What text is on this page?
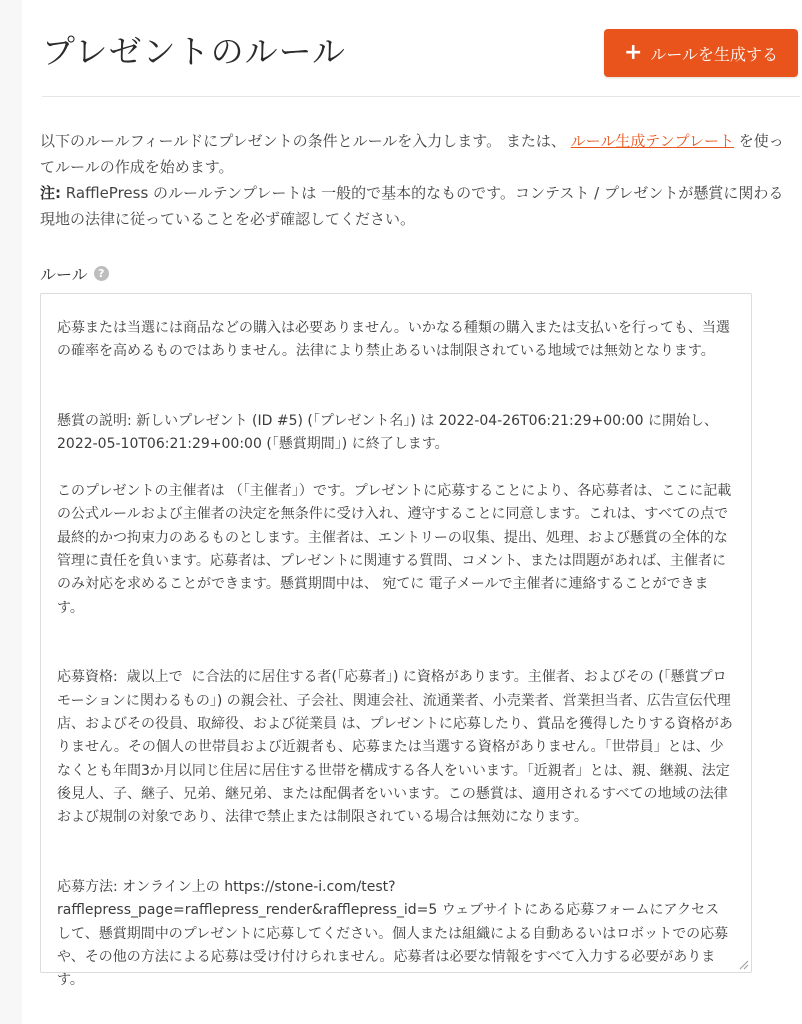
プレゼントのルール	+ ルールを生成する

以下のルールフィールドにプレゼントの条件とルールを入力します。 または、 ルール生成テンプレート を使ってルールの作成を始めます。
注: RafflePress のルールテンプレートは 一般的で基本的なものです。コンテスト / プレゼントが懸賞に関わる現地の法律に従っていることを必ず確認してください。

ルール ?

応募または当選には商品などの購入は必要ありません。いかなる種類の購入または支払いを行っても、当選の確率を高めるものではありません。法律により禁止あるいは制限されている地域では無効となります。

懸賞の説明: 新しいプレゼント (ID #5) (「プレゼント名」) は 2022-04-26T06:21:29+00:00 に開始し、2022-05-10T06:21:29+00:00 (「懸賞期間」) に終了します。

このプレゼントの主催者は （「主催者」）です。プレゼントに応募することにより、各応募者は、ここに記載の公式ルールおよび主催者の決定を無条件に受け入れ、遵守することに同意します。これは、すべての点で最終的かつ拘束力のあるものとします。主催者は、エントリーの収集、提出、処理、および懸賞の全体的な管理に責任を負います。応募者は、プレゼントに関連する質問、コメント、または問題があれば、主催者にのみ対応を求めることができます。懸賞期間中は、 宛てに 電子メールで主催者に連絡することができます。

応募資格:  歳以上で  に合法的に居住する者(「応募者」) に資格があります。主催者、およびその (「懸賞プロモーションに関わるもの」) の親会社、子会社、関連会社、流通業者、小売業者、営業担当者、広告宣伝代理店、およびその役員、取締役、および従業員 は、プレゼントに応募したり、賞品を獲得したりする資格がありません。その個人の世帯員および近親者も、応募または当選する資格がありません。「世帯員」とは、少なくとも年間3か月以同じ住居に居住する世帯を構成する各人をいいます。「近親者」とは、親、継親、法定後見人、子、継子、兄弟、継兄弟、または配偶者をいいます。この懸賞は、適用されるすべての地域の法律および規制の対象であり、法律で禁止または制限されている場合は無効になります。

応募方法: オンライン上の https://stone-i.com/test?rafflepress_page=rafflepress_render&rafflepress_id=5 ウェブサイトにある応募フォームにアクセスして、懸賞期間中のプレゼントに応募してください。個人または組織による自動あるいはロボットでの応募や、その他の方法による応募は受け付けられません。応募者は必要な情報をすべて入力する必要があります。
